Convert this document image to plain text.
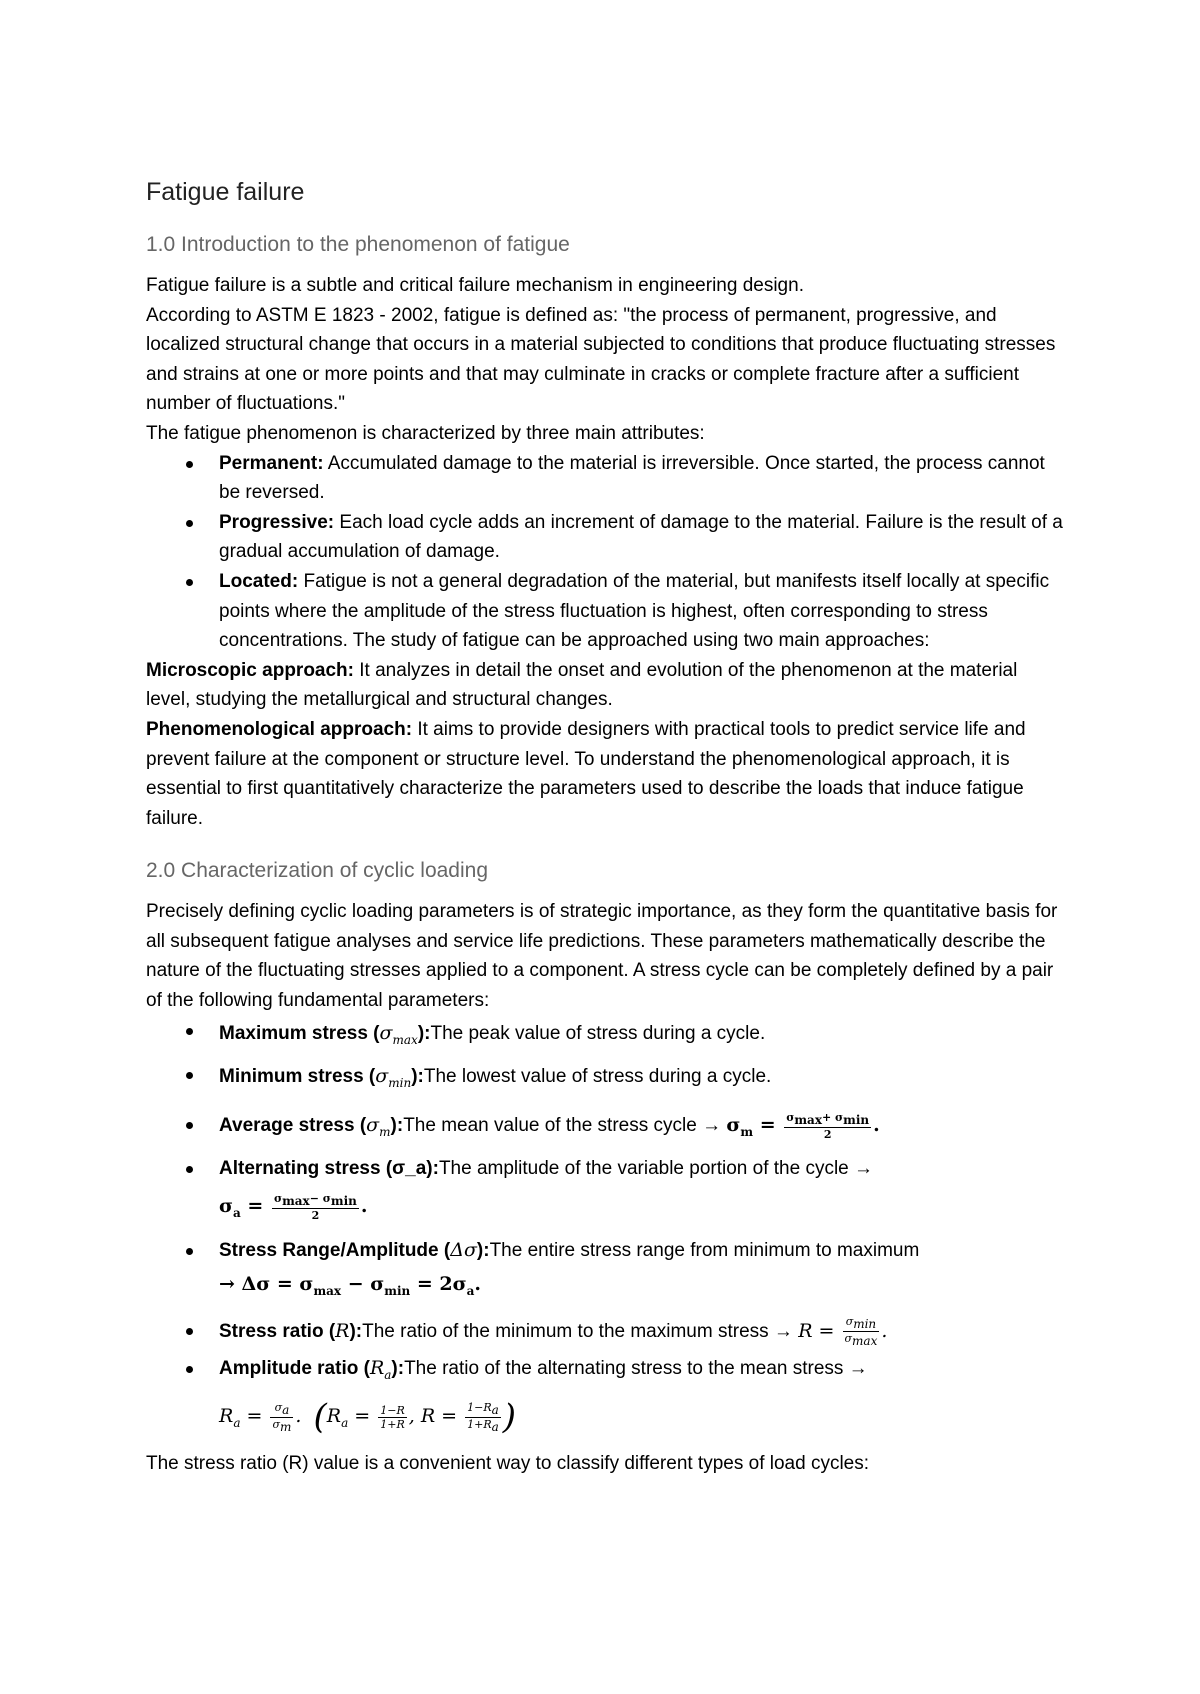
Fatigue failure
1.0 Introduction to the phenomenon of fatigue

Fatigue failure is a subtle and critical failure mechanism in engineering design.

According to ASTM E 1823 - 2002, fatigue is defined as: "the process of permanent, progressive, and localized structural change that occurs in a material subjected to conditions that produce fluctuating stresses and strains at one or more points and that may culminate in cracks or complete fracture after a sufficient number of fluctuations."

The fatigue phenomenon is characterized by three main attributes:

Permanent: Accumulated damage to the material is irreversible. Once started, the process cannot be reversed.
Progressive: Each load cycle adds an increment of damage to the material. Failure is the result of a gradual accumulation of damage.
Located: Fatigue is not a general degradation of the material, but manifests itself locally at specific points where the amplitude of the stress fluctuation is highest, often corresponding to stress concentrations. The study of fatigue can be approached using two main approaches:

Microscopic approach: It analyzes in detail the onset and evolution of the phenomenon at the material level, studying the metallurgical and structural changes.

Phenomenological approach: It aims to provide designers with practical tools to predict service life and prevent failure at the component or structure level. To understand the phenomenological approach, it is essential to first quantitatively characterize the parameters used to describe the loads that induce fatigue failure.

2.0 Characterization of cyclic loading

Precisely defining cyclic loading parameters is of strategic importance, as they form the quantitative basis for all subsequent fatigue analyses and service life predictions. These parameters mathematically describe the nature of the fluctuating stresses applied to a component. A stress cycle can be completely defined by a pair of the following fundamental parameters:

Maximum stress $(\sigma_{max}):The$ peak value of stress during a cycle.
Minimum stress $(\sigma_{min}):The$ lowest value of stress during a cycle.
Average stress $(\sigma_m):The$ mean value of the stress cycle → $\sigma_m = \frac{\sigma_{max}+ \sigma_{min}}{2}$ .
Alternating stress (σ_a):The amplitude of the variable portion of the cycle →
$\sigma_a = \frac{\sigma_{max}- \sigma_{min}}{2}$ .
Stress Range/Amplitude (Δσ):The entire stress range from minimum to maximum
→ $\Delta\sigma = \sigma_{max} - \sigma_{min} = 2\sigma_a$.
Stress ratio (R):The ratio of the minimum to the maximum stress → $R = \frac{\sigma_{min}}{\sigma_{max}}$ .
Amplitude ratio $(R_a):The$ ratio of the alternating stress to the mean stress →
$R_a = \frac{\sigma_a}{\sigma_m}$ .  ($R_a = \frac{1-R}{1+R}$ , $R = \frac{1-R_a}{1+R_a}$ )

The stress ratio (R) value is a convenient way to classify different types of load cycles:
